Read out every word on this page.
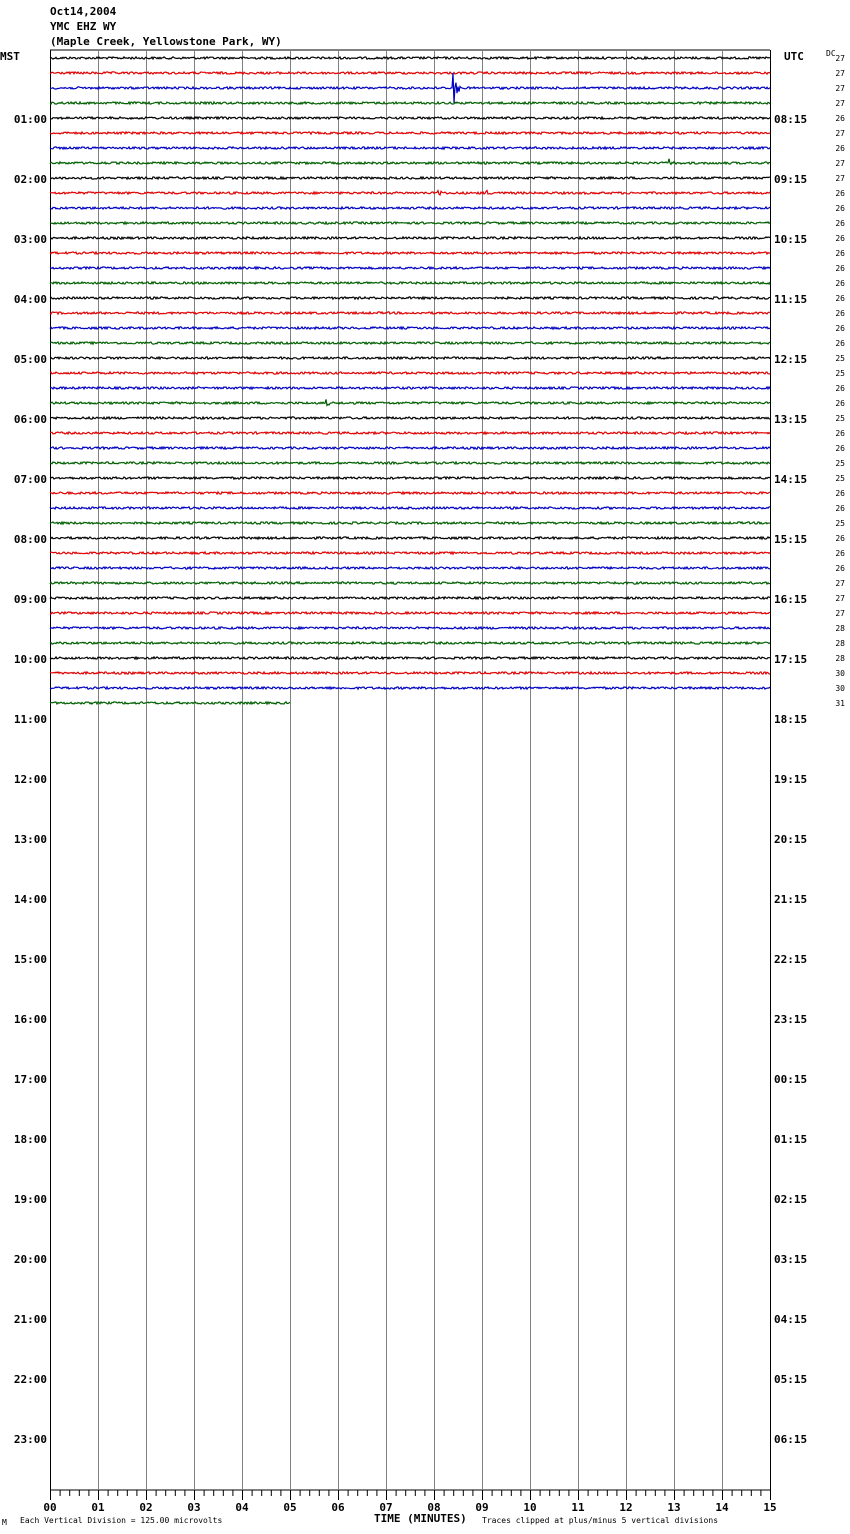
Oct14,2004
YMC EHZ WY
(Maple Creek, Yellowstone Park, WY)
MST	UTC	DC
00	01	02	03	04	05	06	07	08	09	10	11	12	13	14	15
01:00
02:00
03:00
04:00
05:00
06:00
07:00
08:00
09:00
10:00
11:00
12:00
13:00
14:00
15:00
16:00
17:00
18:00
19:00
20:00
21:00
22:00
23:00
08:15
09:15
10:15
11:15
12:15
13:15
14:15
15:15
16:15
17:15
18:15
19:15
20:15
21:15
22:15
23:15
00:15
01:15
02:15
03:15
04:15
05:15
06:15
27
27
27
27
26
27
26
27
27
26
26
26
26
26
26
26
26
26
26
26
25
25
26
26
25
26
26
25
25
26
26
25
26
26
26
27
27
27
28
28
28
30
30
31
M Each Vertical Division = 125.00 microvolts	TIME (MINUTES) Traces clipped at plus/minus 5 vertical divisions
